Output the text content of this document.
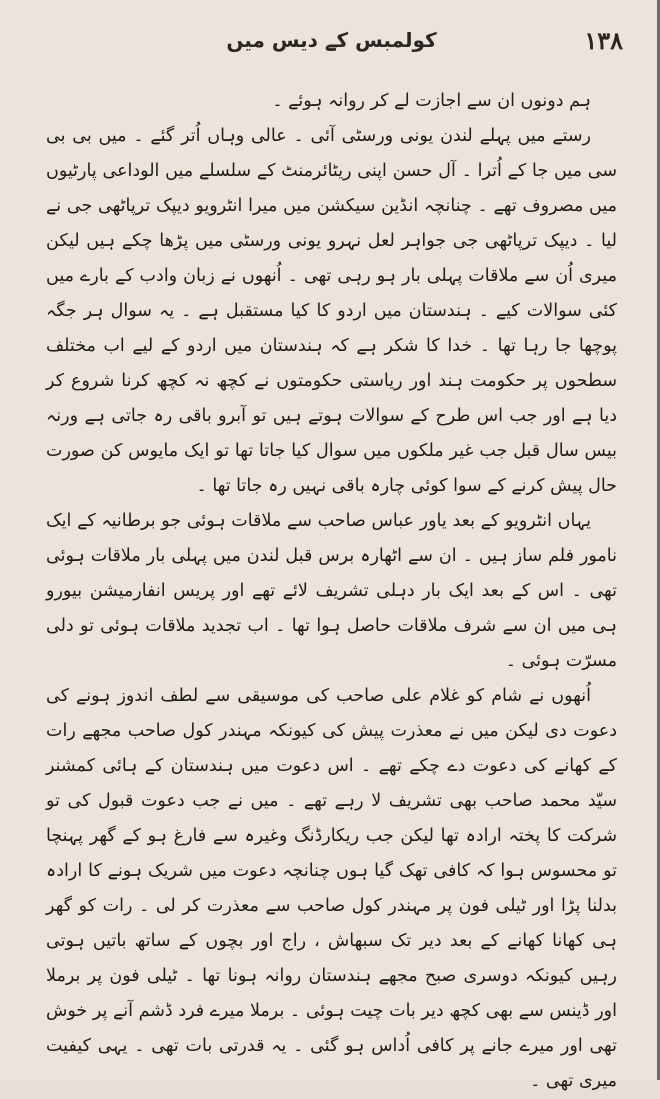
۱۳۸
کولمبس کے دیس میں

ہم دونوں ان سے اجازت لے کر روانہ ہوئے ۔

رستے میں پہلے لندن یونی ورسٹی آئی ۔ عالی وہاں اُتر گئے ۔ میں بی بی سی میں جا کے اُترا ۔ آل حسن اپنی ریٹائرمنٹ کے سلسلے میں الوداعی پارٹیوں میں مصروف تھے ۔ چنانچہ انڈین سیکشن میں میرا انٹرویو دیپک ترپاٹھی جی نے لیا ۔ دیپک ترپاٹھی جی جواہر لعل نہرو یونی ورسٹی میں پڑھا چکے ہیں لیکن میری اُن سے ملاقات پہلی بار ہو رہی تھی ۔ اُنھوں نے زبان وادب کے بارے میں کئی سوالات کیے ۔ ہندستان میں اردو کا کیا مستقبل ہے ۔ یہ سوال ہر جگہ پوچھا جا رہا تھا ۔ خدا کا شکر ہے کہ ہندستان میں اردو کے لیے اب مختلف سطحوں پر حکومت ہند اور ریاستی حکومتوں نے کچھ نہ کچھ کرنا شروع کر دیا ہے اور جب اس طرح کے سوالات ہوتے ہیں تو آبرو باقی رہ جاتی ہے ورنہ بیس سال قبل جب غیر ملکوں میں سوال کیا جاتا تھا تو ایک مایوس کن صورت حال پیش کرنے کے سوا کوئی چارہ باقی نہیں رہ جاتا تھا ۔

یہاں انٹرویو کے بعد یاور عباس صاحب سے ملاقات ہوئی جو برطانیہ کے ایک نامور فلم ساز ہیں ۔ ان سے اٹھارہ برس قبل لندن میں پہلی بار ملاقات ہوئی تھی ۔ اس کے بعد ایک بار دہلی تشریف لائے تھے اور پریس انفارمیشن بیورو ہی میں ان سے شرف ملاقات حاصل ہوا تھا ۔ اب تجدید ملاقات ہوئی تو دلی مسرّت ہوئی ۔

اُنھوں نے شام کو غلام علی صاحب کی موسیقی سے لطف اندوز ہونے کی دعوت دی لیکن میں نے معذرت پیش کی کیونکہ مہندر کول صاحب مجھے رات کے کھانے کی دعوت دے چکے تھے ۔ اس دعوت میں ہندستان کے ہائی کمشنر سیّد محمد صاحب بھی تشریف لا رہے تھے ۔ میں نے جب دعوت قبول کی تو شرکت کا پختہ ارادہ تھا لیکن جب ریکارڈنگ وغیرہ سے فارغ ہو کے گھر پہنچا تو محسوس ہوا کہ کافی تھک گیا ہوں چنانچہ دعوت میں شریک ہونے کا ارادہ بدلنا پڑا اور ٹیلی فون پر مہندر کول صاحب سے معذرت کر لی ۔ رات کو گھر ہی کھانا کھانے کے بعد دیر تک سبھاش ، راج اور بچوں کے ساتھ باتیں ہوتی رہیں کیونکہ دوسری صبح مجھے ہندستان روانہ ہونا تھا ۔ ٹیلی فون پر برملا اور ڈینس سے بھی کچھ دیر بات چیت ہوئی ۔ برملا میرے فرد ڈشم آنے پر خوش تھی اور میرے جانے پر کافی اُداس ہو گئی ۔ یہ قدرتی بات تھی ۔ یہی کیفیت میری تھی ۔
